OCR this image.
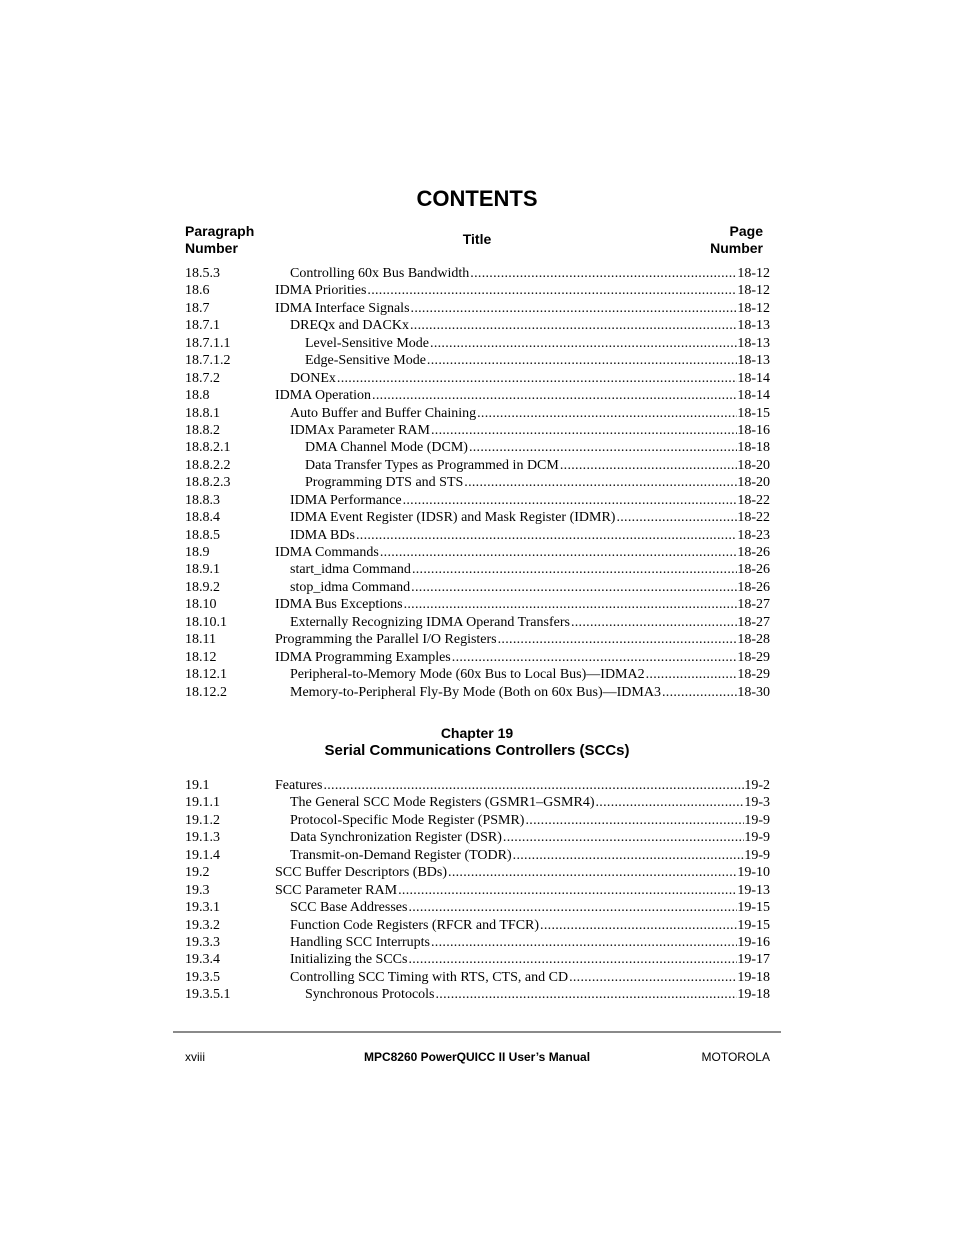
CONTENTS
Paragraph
Number
Title	Page
Number
18.5.3	Controlling 60x Bus Bandwidth .....	18-12
18.6	IDMA Priorities .....	18-12
18.7	IDMA Interface Signals .....	18-12
18.7.1	DREQx and DACKx .....	18-13
18.7.1.1	Level-Sensitive Mode .....	18-13
18.7.1.2	Edge-Sensitive Mode .....	18-13
18.7.2	DONEx .....	18-14
18.8	IDMA Operation .....	18-14
18.8.1	Auto Buffer and Buffer Chaining .....	18-15
18.8.2	IDMAx Parameter RAM .....	18-16
18.8.2.1	DMA Channel Mode (DCM) .....	18-18
18.8.2.2	Data Transfer Types as Programmed in DCM .....	18-20
18.8.2.3	Programming DTS and STS .....	18-20
18.8.3	IDMA Performance .....	18-22
18.8.4	IDMA Event Register (IDSR) and Mask Register (IDMR) .....	18-22
18.8.5	IDMA BDs .....	18-23
18.9	IDMA Commands .....	18-26
18.9.1	start_idma Command .....	18-26
18.9.2	stop_idma Command .....	18-26
18.10	IDMA Bus Exceptions .....	18-27
18.10.1	Externally Recognizing IDMA Operand Transfers .....	18-27
18.11	Programming the Parallel I/O Registers .....	18-28
18.12	IDMA Programming Examples .....	18-29
18.12.1	Peripheral-to-Memory Mode (60x Bus to Local Bus)—IDMA2 .....	18-29
18.12.2	Memory-to-Peripheral Fly-By Mode (Both on 60x Bus)—IDMA3 .....	18-30
Chapter 19
Serial Communications Controllers (SCCs)
19.1	Features .....	19-2
19.1.1	The General SCC Mode Registers (GSMR1–GSMR4) .....	19-3
19.1.2	Protocol-Specific Mode Register (PSMR) .....	19-9
19.1.3	Data Synchronization Register (DSR) .....	19-9
19.1.4	Transmit-on-Demand Register (TODR) .....	19-9
19.2	SCC Buffer Descriptors (BDs) .....	19-10
19.3	SCC Parameter RAM .....	19-13
19.3.1	SCC Base Addresses .....	19-15
19.3.2	Function Code Registers (RFCR and TFCR) .....	19-15
19.3.3	Handling SCC Interrupts .....	19-16
19.3.4	Initializing the SCCs .....	19-17
19.3.5	Controlling SCC Timing with RTS, CTS, and CD .....	19-18
19.3.5.1	Synchronous Protocols .....	19-18
xviii	MPC8260 PowerQUICC II User’s Manual	MOTOROLA
